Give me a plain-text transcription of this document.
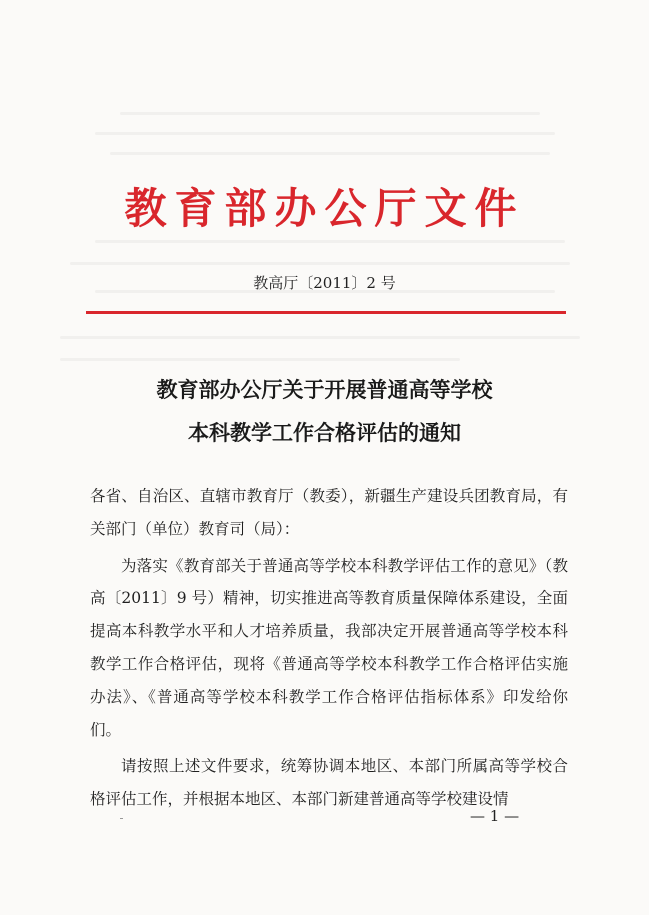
教育部办公厅文件
教高厅〔2011〕2 号
教育部办公厅关于开展普通高等学校
本科教学工作合格评估的通知

各省、自治区、直辖市教育厅（教委），新疆生产建设兵团教育局，有关部门（单位）教育司（局）：

为落实《教育部关于普通高等学校本科教学评估工作的意见》（教高〔2011〕9 号）精神，切实推进高等教育质量保障体系建设，全面提高本科教学水平和人才培养质量，我部决定开展普通高等学校本科教学工作合格评估，现将《普通高等学校本科教学工作合格评估实施办法》、《普通高等学校本科教学工作合格评估指标体系》印发给你们。

请按照上述文件要求，统筹协调本地区、本部门所属高等学校合格评估工作，并根据本地区、本部门新建普通高等学校建设情

— 1 —
